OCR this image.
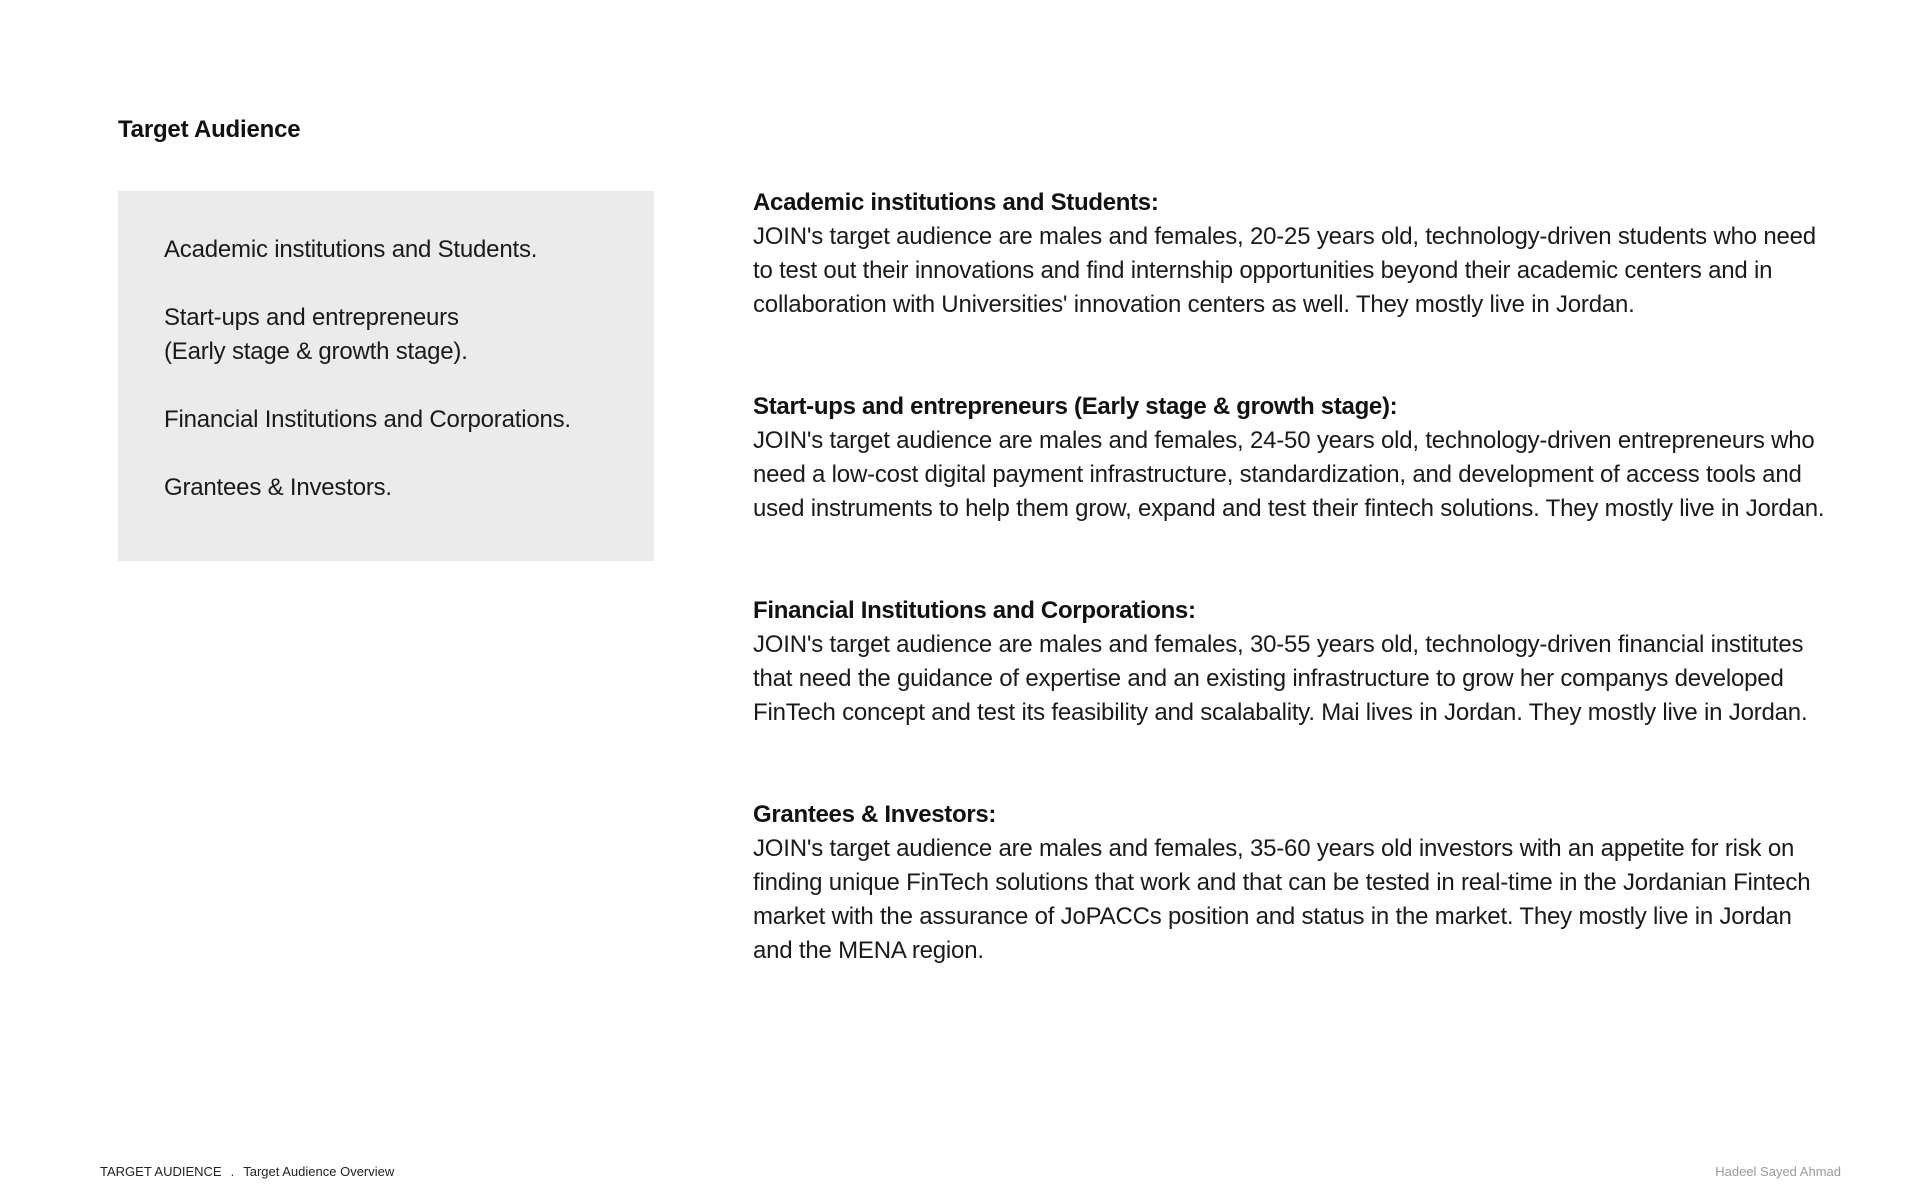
Target Audience
Academic institutions and Students.
Start-ups and entrepreneurs
(Early stage & growth stage).
Financial Institutions and Corporations.
Grantees & Investors.
Academic institutions and Students:
JOIN's target audience are males and females, 20-25 years old, technology-driven students who need to test out their innovations and find internship opportunities beyond their academic centers and in collaboration with Universities' innovation centers as well. They mostly live in Jordan.
Start-ups and entrepreneurs (Early stage & growth stage):
JOIN's target audience are males and females, 24-50 years old, technology-driven entrepreneurs who need a low-cost digital payment infrastructure, standardization, and development of access tools and used instruments to help them grow, expand and test their fintech solutions. They mostly live in Jordan.
Financial Institutions and Corporations:
JOIN's target audience are males and females, 30-55 years old, technology-driven financial institutes that need the guidance of expertise and an existing infrastructure to grow her companys developed FinTech concept and test its feasibility and scalabality. Mai lives in Jordan. They mostly live in Jordan.
Grantees & Investors:
JOIN's target audience are males and females, 35-60 years old investors with an appetite for risk on finding unique FinTech solutions that work and that can be tested in real-time in the Jordanian Fintech market with the assurance of JoPACCs position and status in the market. They mostly live in Jordan and the MENA region.
TARGET AUDIENCE . Target Audience Overview	Hadeel Sayed Ahmad
